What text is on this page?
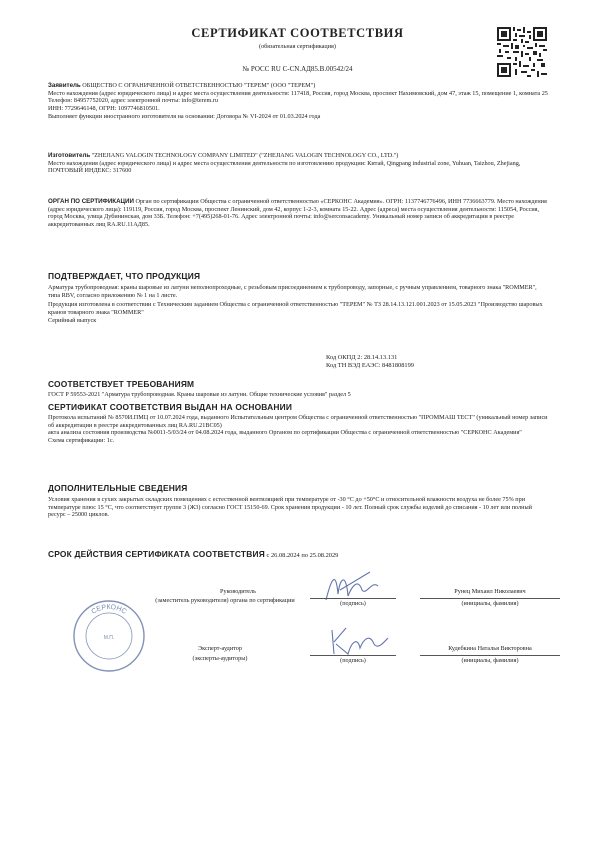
СЕРТИФИКАТ СООТВЕТСТВИЯ
(обязательная сертификация)
№ РОСС RU С-CN.АД85.В.00542/24
Заявитель ОБЩЕСТВО С ОГРАНИЧЕННОЙ ОТВЕТСТВЕННОСТЬЮ "ТЕРЕМ" (ООО "ТЕРЕМ")
Место нахождения (адрес юридического лица) и адрес места осуществления деятельности: 117418, Россия, город Москва, проспект Нахимовский, дом 47, этаж 15, помещение 1, комната 25
Телефон: 84957752020, адрес электронной почты: info@terem.ru
ИНН: 7729646148, ОГРН: 1097746810501.
Выполняет функции иностранного изготовителя на основании: Договора № VI-2024 от 01.03.2024 года
Изготовитель "ZHEJIANG VALOGIN TECHNOLOGY COMPANY LIMITED" ("ZHEJIANG VALOGIN TECHNOLOGY CO., LTD.")
Место нахождения (адрес юридического лица) и адрес места осуществления деятельности по изготовлению продукции: Китай, Qingpang industrial zone, Yuhuan, Taizhou, Zhejiang, ПОЧТОВЫЙ ИНДЕКС: 317600
ОРГАН ПО СЕРТИФИКАЦИИ Орган по сертификации Общества с ограниченной ответственностью «СЕРКОНС Академия». ОГРН: 1137746776496, ИНН 7736663779. Место нахождения (адрес юридического лица): 119119, Россия, город Москва, проспект Ленинский, дом 42, корпус 1-2-3, комната 15-22. Адрес (адреса) места осуществления деятельности: 115054, Россия, город Москва, улица Дубининская, дом 33Б. Телефон: +7(495)268-01-76. Адрес электронной почты: info@serconsacademy. Уникальный номер записи об аккредитации в реестре аккредитованных лиц RA.RU.11АД85.
ПОДТВЕРЖДАЕТ, ЧТО ПРОДУКЦИЯ
Арматура трубопроводная: краны шаровые из латуни неполнопроходные, с резьбовым присоединением к трубопроводу, запорные, с ручным управлением, товарного знака "ROMMER", типа RBV, согласно приложению № 1 на 1 листе.
Продукция изготовлена в соответствии с Техническим заданием Общества с ограниченной ответственностью "ТЕРЕМ" № ТЗ 28.14.13.121.001.2023 от 15.05.2023 "Производство шаровых кранов товарного знака "ROMMER"
Серийный выпуск
Код ОКПД 2: 28.14.13.131
Код ТН ВЭД ЕАЭС: 8481808199
СООТВЕТСТВУЕТ ТРЕБОВАНИЯМ
ГОСТ Р 59553-2021 "Арматура трубопроводная. Краны шаровые из латуни. Общие технические условия" раздел 5
СЕРТИФИКАТ СООТВЕТСТВИЯ ВЫДАН НА ОСНОВАНИИ
Протокола испытаний № 8570И.ПМЦ от 10.07.2024 года, выданного Испытательным центром Общества с ограниченной ответственностью "ПРОММАШ ТЕСТ" (уникальный номер записи об аккредитации в реестре аккредитованных лиц RA.RU.21ВС05)
акта анализа состояния производства №0011-5/03/24 от 04.08.2024 года, выданного Органом по сертификации Общества с ограниченной ответственностью "СЕРКОНС Академия"
Схема сертификации: 1с.
ДОПОЛНИТЕЛЬНЫЕ СВЕДЕНИЯ
Условия хранения в сухих закрытых складских помещениях с естественной вентиляцией при температуре от -30 °С до +50°С и относительной влажности воздуха не более 75% при температуре плюс 15 °С, что соответствует группе 3 (Ж3) согласно ГОСТ 15150-69. Срок хранения продукции - 10 лет. Полный срок службы изделий до списания - 10 лет или полный ресурс – 25000 циклов.
СРОК ДЕЙСТВИЯ СЕРТИФИКАТА СООТВЕТСТВИЯ с 26.08.2024 по 25.08.2029
СЕРКОНС
М.П.
Руководитель
(заместитель руководителя) органа по сертификации	(подпись)
Рунец Михаил Николаевич
(инициалы, фамилия)
Эксперт-аудитор
(эксперты-аудиторы)	(подпись)
Кудебкина Наталья Викторовна
(инициалы, фамилия)
